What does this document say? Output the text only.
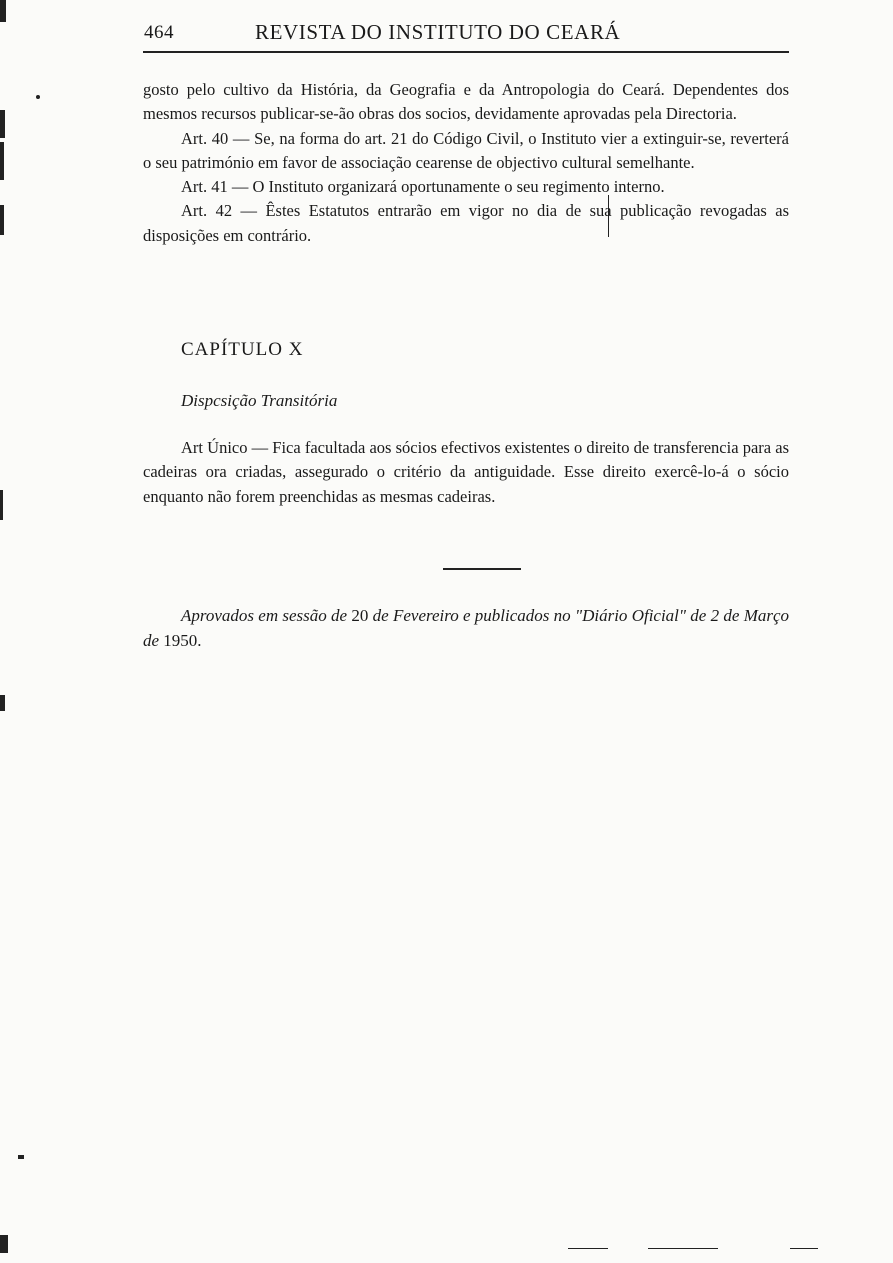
464	REVISTA DO INSTITUTO DO CEARÁ

gosto pelo cultivo da História, da Geografia e da Antropologia do Ceará. Dependentes dos mesmos recursos publicar-se-ão obras dos socios, devidamente aprovadas pela Directoria.

Art. 40 — Se, na forma do art. 21 do Código Civil, o Instituto vier a extinguir-se, reverterá o seu património em favor de associação cearense de objectivo cultural semelhante.

Art. 41 — O Instituto organizará oportunamente o seu regimento interno.

Art. 42 — Êstes Estatutos entrarão em vigor no dia de sua publicação revogadas as disposições em contrário.

CAPÍTULO X
Dispcsição Transitória

Art Único — Fica facultada aos sócios efectivos existentes o direito de transferencia para as cadeiras ora criadas, assegurado o critério da antiguidade. Esse direito exercê-lo-á o sócio enquanto não forem preenchidas as mesmas cadeiras.

Aprovados em sessão de 20 de Fevereiro e publicados no "Diário Oficial" de 2 de Março de 1950.
